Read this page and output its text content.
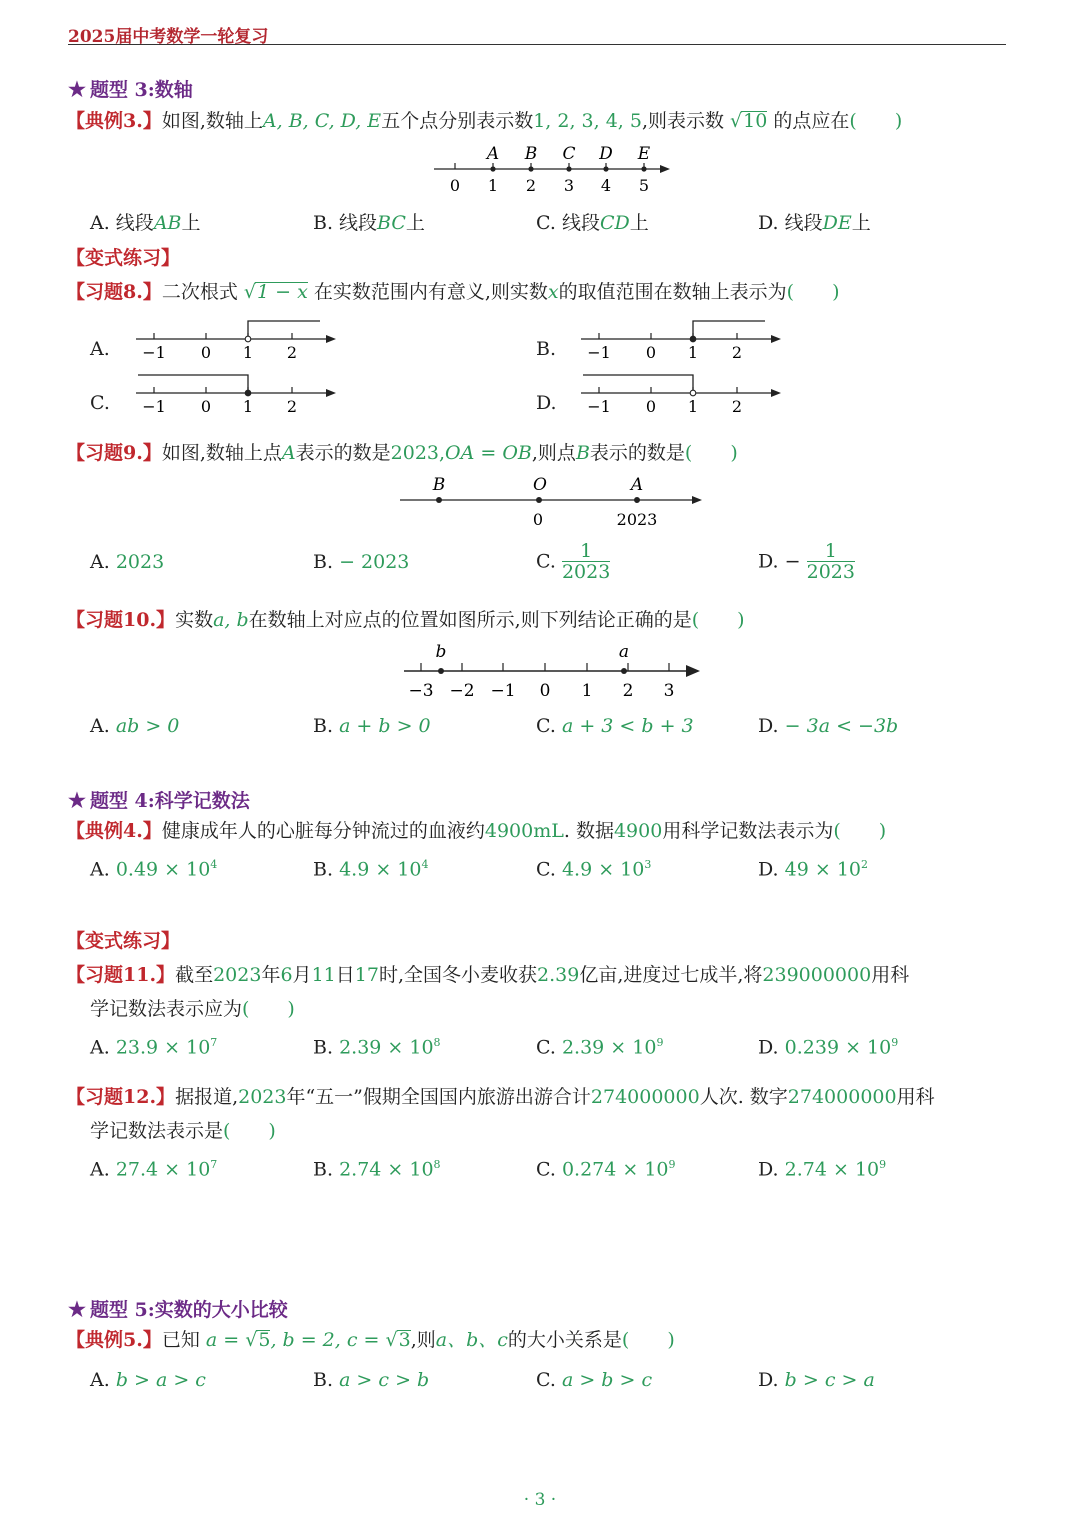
2025届中考数学一轮复习
★ 题型 3:数轴
【典例3.】如图,数轴上A, B, C, D, E五个点分别表示数1, 2, 3, 4, 5,则表示数 √10 的点应在(　　)
0 1 2 3 4 5
A B C D E
A. 线段AB上	B. 线段BC上	C. 线段CD上	D. 线段DE上
【变式练习】
【习题8.】二次根式 √1 − x 在实数范围内有意义,则实数x的取值范围在数轴上表示为(　　)
A.	B.
C.	D.
−1 0 1 2	−1 0 1 2
−1 0 1 2	−1 0 1 2
【习题9.】如图,数轴上点A表示的数是2023,OA = OB,则点B表示的数是(　　)
B	O	A
0	2023
A. 2023	B. − 2023	C. $\frac{1}{2023}$	D. − $\frac{1}{2023}$
【习题10.】实数a, b在数轴上对应点的位置如图所示,则下列结论正确的是(　　)
−3 −2 −1 0 1 2 3
b	a
A. ab > 0	B. a + b > 0	C. a + 3 < b + 3	D. − 3a < −3b
★ 题型 4:科学记数法
【典例4.】健康成年人的心脏每分钟流过的血液约4900mL. 数据4900用科学记数法表示为(　　)
A. $0.49 \times 10^4$	B. $4.9 \times 10^4$	C. $4.9 \times 10^3$	D. $49 \times 10^2$
【变式练习】
【习题11.】截至2023年6月11日17时,全国冬小麦收获2.39亿亩,进度过七成半,将239000000用科
学记数法表示应为(　　)
A. $23.9 \times 10^7$	B. $2.39 \times 10^8$	C. $2.39 \times 10^9$	D. $0.239 \times 10^9$
【习题12.】据报道,2023年“五一”假期全国国内旅游出游合计274000000人次. 数字274000000用科
学记数法表示是(　　)
A. $27.4 \times 10^7$	B. $2.74 \times 10^8$	C. $0.274 \times 10^9$	D. $2.74 \times 10^9$
★ 题型 5:实数的大小比较
【典例5.】已知 a = √5, b = 2, c = √3,则a、b、c的大小关系是(　　)
A. b > a > c	B. a > c > b	C. a > b > c	D. b > c > a
· 3 ·
